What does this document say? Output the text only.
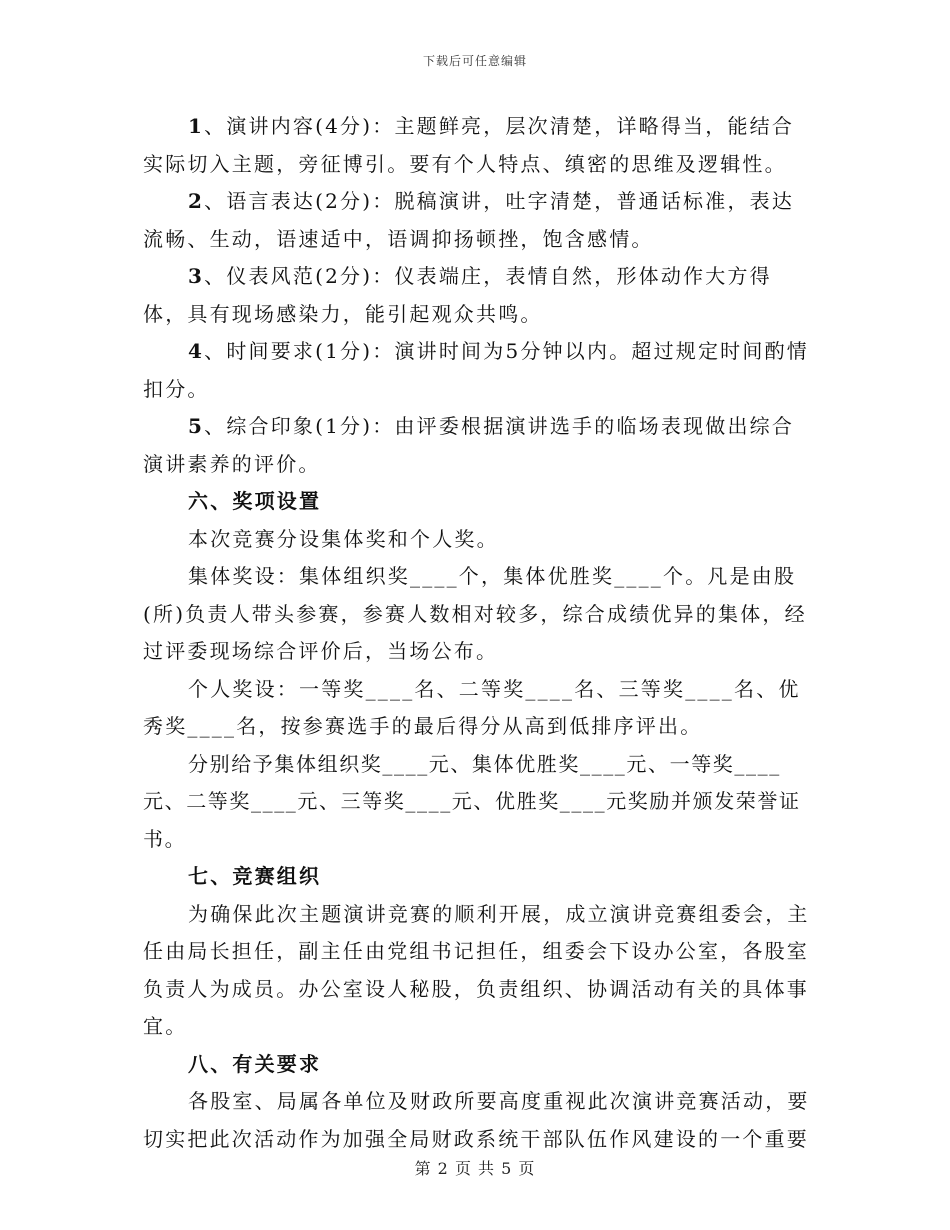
下载后可任意编辑

1、演讲内容(4分)：主题鲜亮，层次清楚，详略得当，能结合实际切入主题，旁征博引。要有个人特点、缜密的思维及逻辑性。

2、语言表达(2分)：脱稿演讲，吐字清楚，普通话标准，表达流畅、生动，语速适中，语调抑扬顿挫，饱含感情。

3、仪表风范(2分)：仪表端庄，表情自然，形体动作大方得体，具有现场感染力，能引起观众共鸣。

4、时间要求(1分)：演讲时间为5分钟以内。超过规定时间酌情扣分。

5、综合印象(1分)：由评委根据演讲选手的临场表现做出综合演讲素养的评价。

六、奖项设置

本次竞赛分设集体奖和个人奖。

集体奖设：集体组织奖____个，集体优胜奖____个。凡是由股(所)负责人带头参赛，参赛人数相对较多，综合成绩优异的集体，经过评委现场综合评价后，当场公布。

个人奖设：一等奖____名、二等奖____名、三等奖____名、优秀奖____名，按参赛选手的最后得分从高到低排序评出。

分别给予集体组织奖____元、集体优胜奖____元、一等奖____元、二等奖____元、三等奖____元、优胜奖____元奖励并颁发荣誉证书。

七、竞赛组织

为确保此次主题演讲竞赛的顺利开展，成立演讲竞赛组委会，主任由局长担任，副主任由党组书记担任，组委会下设办公室，各股室负责人为成员。办公室设人秘股，负责组织、协调活动有关的具体事宜。

八、有关要求

各股室、局属各单位及财政所要高度重视此次演讲竞赛活动，要切实把此次活动作为加强全局财政系统干部队伍作风建设的一个重要

第 2 页 共 5 页
